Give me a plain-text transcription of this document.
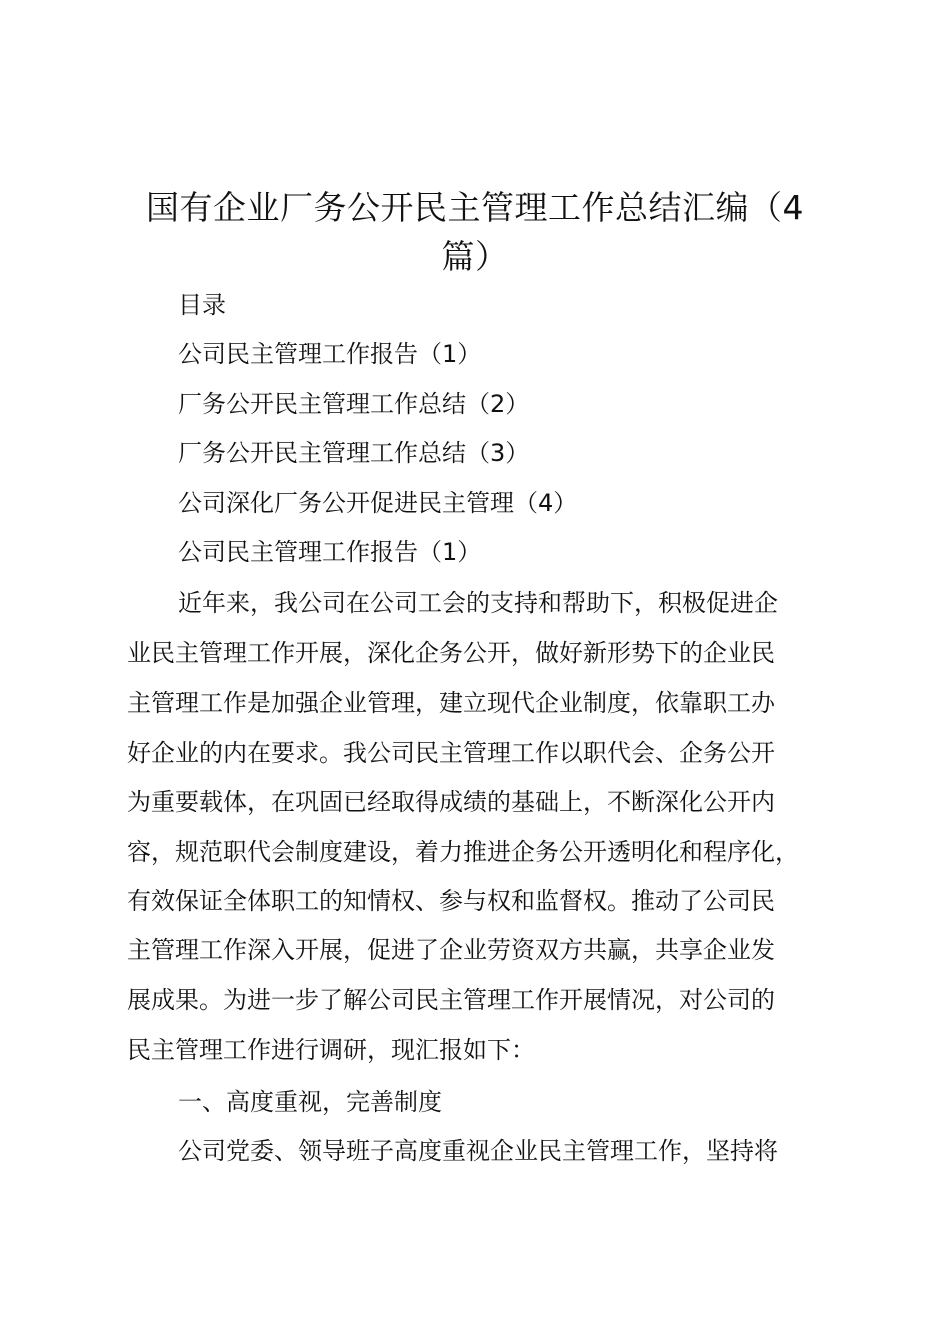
国有企业厂务公开民主管理工作总结汇编（4
篇）
目录
公司民主管理工作报告（1）
厂务公开民主管理工作总结（2）
厂务公开民主管理工作总结（3）
公司深化厂务公开促进民主管理（4）
公司民主管理工作报告（1）
近年来，我公司在公司工会的支持和帮助下，积极促进企
业民主管理工作开展，深化企务公开，做好新形势下的企业民
主管理工作是加强企业管理，建立现代企业制度，依靠职工办
好企业的内在要求。我公司民主管理工作以职代会、企务公开
为重要载体，在巩固已经取得成绩的基础上，不断深化公开内
容，规范职代会制度建设，着力推进企务公开透明化和程序化，
有效保证全体职工的知情权、参与权和监督权。推动了公司民
主管理工作深入开展，促进了企业劳资双方共赢，共享企业发
展成果。为进一步了解公司民主管理工作开展情况，对公司的
民主管理工作进行调研，现汇报如下：
一、高度重视，完善制度
公司党委、领导班子高度重视企业民主管理工作，坚持将
